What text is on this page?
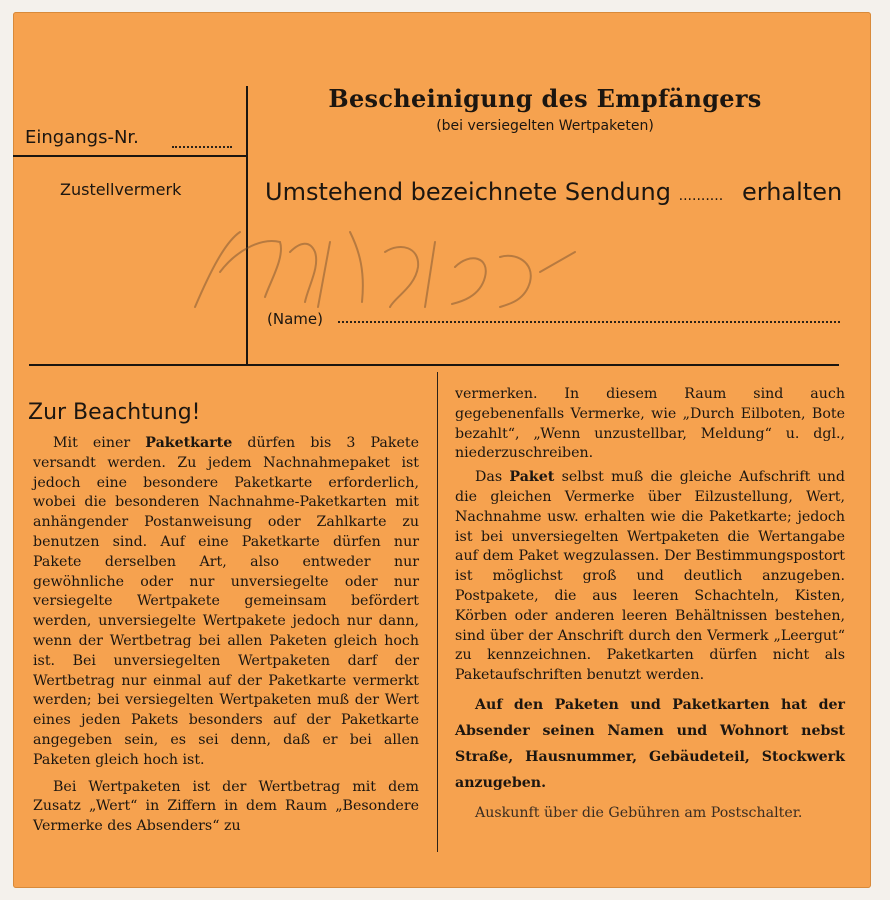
Bescheinigung des Empfängers
(bei versiegelten Wertpaketen)
Eingangs-Nr.
Zustellvermerk	Umstehend bezeichnete Sendung .......... erhalten
(Name)
Zur Beachtung!

Mit einer Paketkarte dürfen bis 3 Pakete versandt werden. Zu jedem Nachnahmepaket ist jedoch eine besondere Paketkarte erforderlich, wobei die besonderen Nachnahme-Paketkarten mit anhängender Postanweisung oder Zahlkarte zu benutzen sind. Auf eine Paketkarte dürfen nur Pakete derselben Art, also entweder nur gewöhnliche oder nur unversiegelte oder nur versiegelte Wertpakete gemeinsam befördert werden, unversiegelte Wertpakete jedoch nur dann, wenn der Wertbetrag bei allen Paketen gleich hoch ist. Bei unversiegelten Wertpaketen darf der Wertbetrag nur einmal auf der Paketkarte vermerkt werden; bei versiegelten Wertpaketen muß der Wert eines jeden Pakets besonders auf der Paketkarte angegeben sein, es sei denn, daß er bei allen Paketen gleich hoch ist.

Bei Wertpaketen ist der Wertbetrag mit dem Zusatz „Wert“ in Ziffern in dem Raum „Besondere Vermerke des Absenders“ zu

vermerken. In diesem Raum sind auch gegebenenfalls Vermerke, wie „Durch Eilboten, Bote bezahlt“, „Wenn unzustellbar, Meldung“ u. dgl., niederzuschreiben.

Das Paket selbst muß die gleiche Aufschrift und die gleichen Vermerke über Eilzustellung, Wert, Nachnahme usw. erhalten wie die Paketkarte; jedoch ist bei unversiegelten Wertpaketen die Wertangabe auf dem Paket wegzulassen. Der Bestimmungspostort ist möglichst groß und deutlich anzugeben. Postpakete, die aus leeren Schachteln, Kisten, Körben oder anderen leeren Behältnissen bestehen, sind über der Anschrift durch den Vermerk „Leergut“ zu kennzeichnen. Paketkarten dürfen nicht als Paketaufschriften benutzt werden.

Auf den Paketen und Paketkarten hat der Absender seinen Namen und Wohnort nebst Straße, Hausnummer, Gebäudeteil, Stockwerk anzugeben.

Auskunft über die Gebühren am Postschalter.
